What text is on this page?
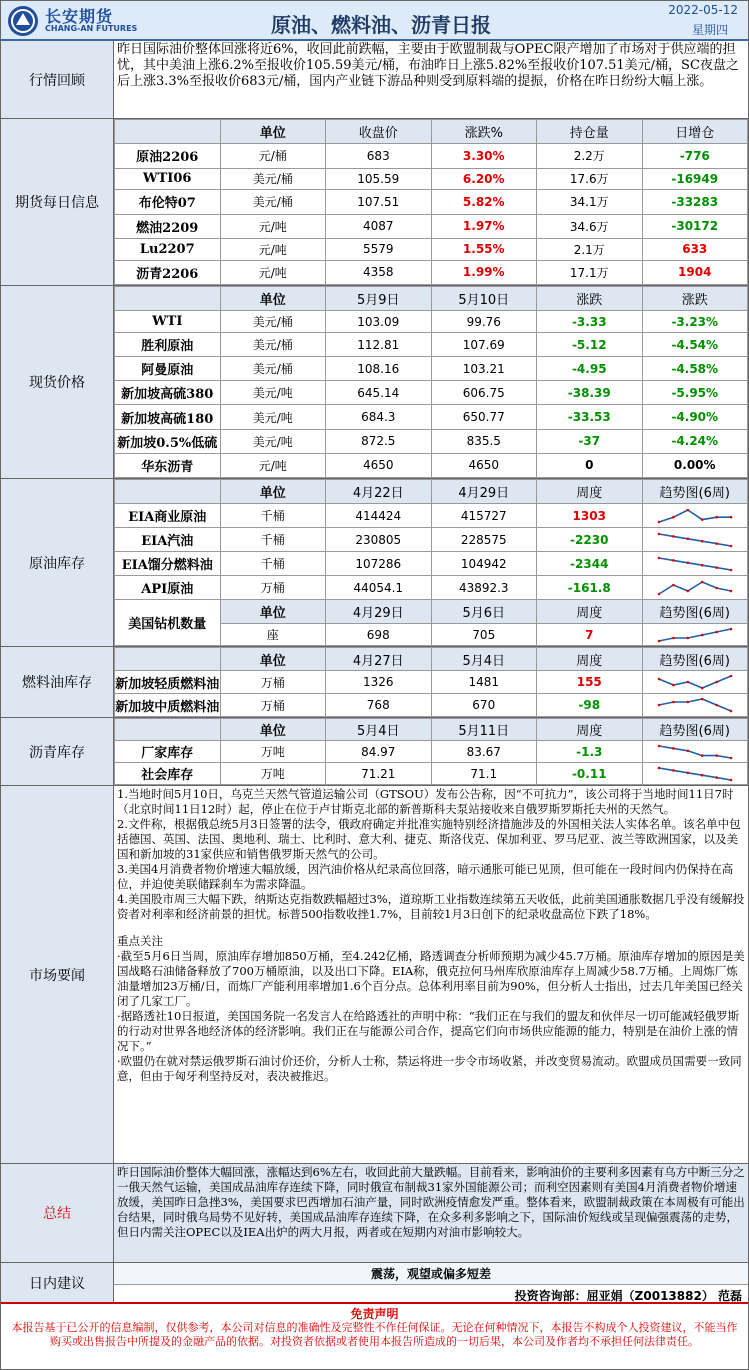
长安期货
CHANG-AN FUTURES	原油、燃料油、沥青日报
2022-05-12
星期四
行情回顾
昨日国际油价整体回涨将近6%，收回此前跌幅，主要由于欧盟制裁与OPEC限产增加了市场对于供应端的担忧，其中美油上涨6.2%至报收价105.59美元/桶，布油昨日上涨5.82%至报收价107.51美元/桶，SC夜盘之后上涨3.3%至报收价683元/桶，国内产业链下游品种则受到原料端的提振，价格在昨日纷纷大幅上涨。
期货每日信息
	单位	收盘价	涨跌%	持仓量	日增仓
原油2206	元/桶	683	3.30%	2.2万	-776
WTI06	美元/桶	105.59	6.20%	17.6万	-16949
布伦特07	美元/桶	107.51	5.82%	34.1万	-33283
燃油2209	元/吨	4087	1.97%	34.6万	-30172
Lu2207	元/吨	5579	1.55%	2.1万	633
沥青2206	元/吨	4358	1.99%	17.1万	1904
现货价格
	单位	5月9日	5月10日	涨跌	涨跌
WTI	美元/桶	103.09	99.76	-3.33	-3.23%
胜利原油	美元/桶	112.81	107.69	-5.12	-4.54%
阿曼原油	美元/桶	108.16	103.21	-4.95	-4.58%
新加坡高硫380	美元/吨	645.14	606.75	-38.39	-5.95%
新加坡高硫180	美元/吨	684.3	650.77	-33.53	-4.90%
新加坡0.5%低硫	美元/吨	872.5	835.5	-37	-4.24%
华东沥青	元/吨	4650	4650	0	0.00%
原油库存
	单位	4月22日	4月29日	周度	趋势图(6周)
EIA商业原油	千桶	414424	415727	1303	

EIA汽油	千桶	230805	228575	-2230	

EIA馏分燃料油	千桶	107286	104942	-2344	

API原油	万桶	44054.1	43892.3	-161.8	

美国钻机数量	单位	4月29日	5月6日	周度	趋势图(6周)
	座	698	705	7	
燃料油库存
	单位	4月27日	5月4日	周度	趋势图(6周)
新加坡轻质燃料油	万桶	1326	1481	155	

新加坡中质燃料油	万桶	768	670	-98	
沥青库存
	单位	5月4日	5月11日	周度	趋势图(6周)
厂家库存	万吨	84.97	83.67	-1.3	

社会库存	万吨	71.21	71.1	-0.11	
市场要闻
1.当地时间5月10日，乌克兰天然气管道运输公司（GTSOU）发布公告称，因“不可抗力”，该公司将于当地时间11日7时（北京时间11日12时）起，停止在位于卢甘斯克北部的新普斯科夫泵站接收来自俄罗斯罗斯托夫州的天然气。
2.文件称，根据俄总统5月3日签署的法令，俄政府确定并批准实施特别经济措施涉及的外国相关法人实体名单。该名单中包括德国、英国、法国、奥地利、瑞士、比利时、意大利、捷克、斯洛伐克、保加利亚、罗马尼亚、波兰等欧洲国家，以及美国和新加坡的31家供应和销售俄罗斯天然气的公司。
3.美国4月消费者物价增速大幅放缓，因汽油价格从纪录高位回落，暗示通胀可能已见顶，但可能在一段时间内仍保持在高位，并迫使美联储踩刹车为需求降温。
4.美国股市周三大幅下跌，纳斯达克指数跌幅超过3%，道琼斯工业指数连续第五天收低，此前美国通胀数据几乎没有缓解投资者对利率和经济前景的担忧。标普500指数收挫1.7%，目前较1月3日创下的纪录收盘高位下跌了18%。
重点关注
·截至5月6日当周，原油库存增加850万桶，至4.242亿桶，路透调查分析师预期为减少45.7万桶。原油库存增加的原因是美国战略石油储备释放了700万桶原油，以及出口下降。EIA称，俄克拉何马州库欣原油库存上周减少58.7万桶。上周炼厂炼油量增加23万桶/日，而炼厂产能利用率增加1.6个百分点。总体利用率目前为90%，但分析人士指出，过去几年美国已经关闭了几家工厂。
·据路透社10日报道，美国国务院一名发言人在给路透社的声明中称：“我们正在与我们的盟友和伙伴尽一切可能减轻俄罗斯的行动对世界各地经济体的经济影响。我们正在与能源公司合作，提高它们向市场供应能源的能力，特别是在油价上涨的情况下。”
·欧盟仍在就对禁运俄罗斯石油讨价还价，分析人士称，禁运将进一步令市场收紧，并改变贸易流动。欧盟成员国需要一致同意，但由于匈牙利坚持反对，表决被推迟。
总结
昨日国际油价整体大幅回涨，涨幅达到6%左右，收回此前大量跌幅。目前看来，影响油价的主要利多因素有乌方中断三分之一俄天然气运输，美国成品油库存连续下降，同时俄宣布制裁31家外国能源公司；而利空因素则有美国4月消费者物价增速放缓，美国昨日急挫3%，美国要求巴西增加石油产量，同时欧洲疫情愈发严重。整体看来，欧盟制裁政策在本周极有可能出台结果，同时俄乌局势不见好转，美国成品油库存连续下降，在众多利多影响之下，国际油价短线或呈现偏强震荡的走势，但日内需关注OPEC以及IEA出炉的两大月报，两者或在短期内对油市影响较大。
日内建议
震荡，观望或偏多短差
投资咨询部：屈亚娟（Z0013882） 范磊
免责声明
本报告基于已公开的信息编制，仅供参考，本公司对信息的准确性及完整性不作任何保证。无论在何种情况下，本报告不构成个人投资建议，不能当作购买或出售报告中所提及的金融产品的依据。对投资者依据或者使用本报告所造成的一切后果，本公司及作者均不承担任何法律责任。
